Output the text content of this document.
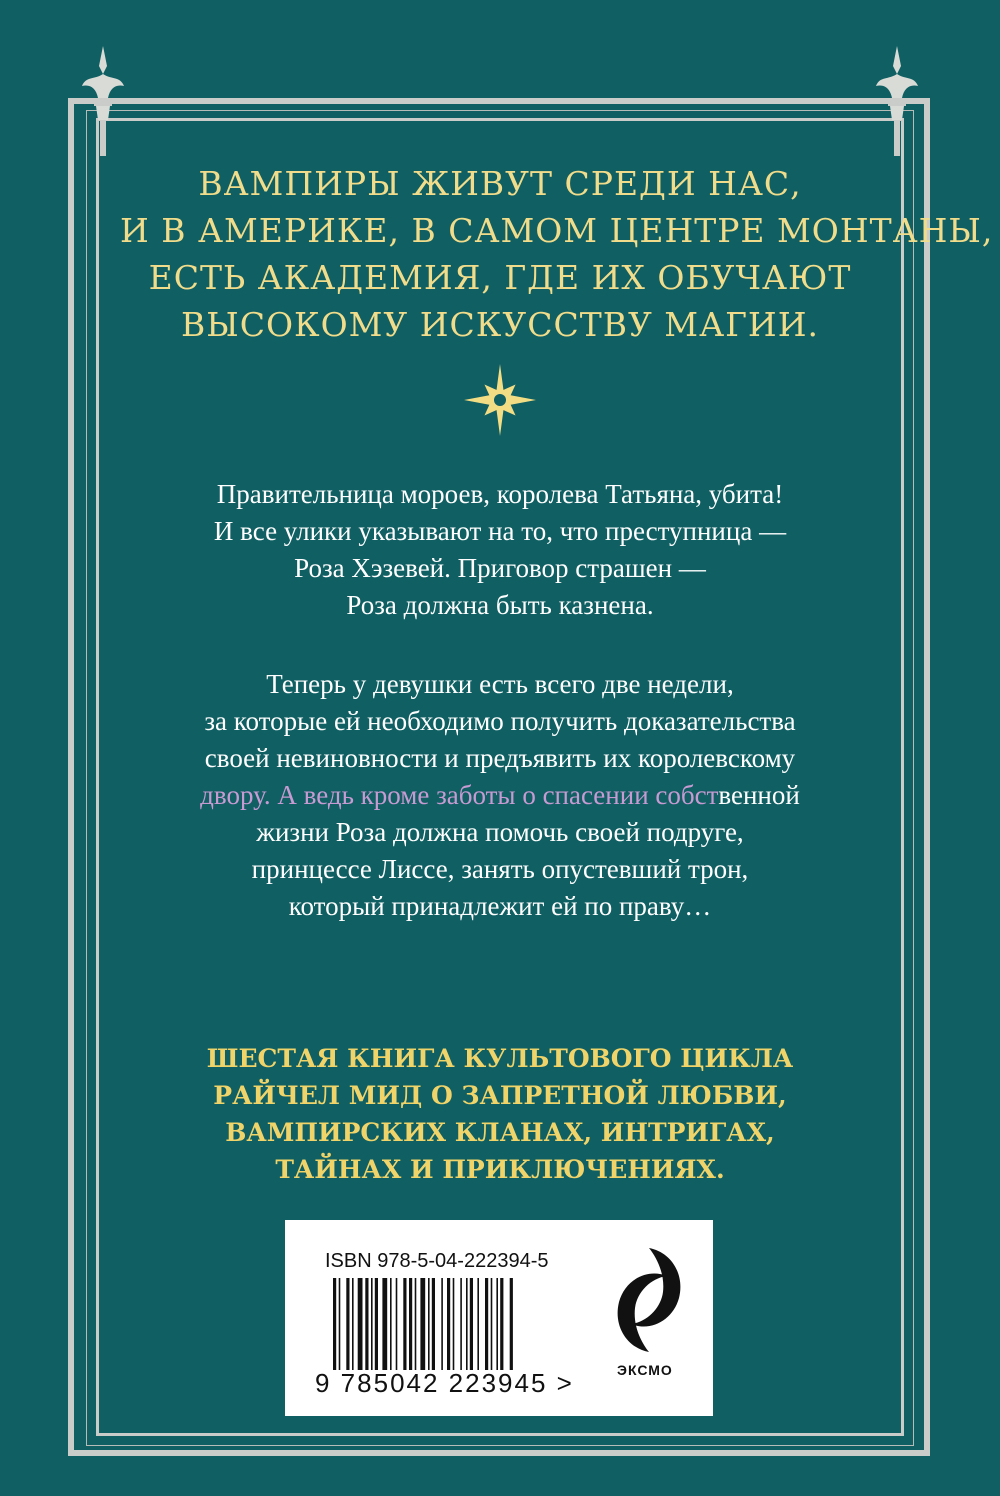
ВАМПИРЫ ЖИВУТ СРЕДИ НАС,
И В АМЕРИКЕ, В САМОМ ЦЕНТРЕ МОНТАНЫ,
ЕСТЬ АКАДЕМИЯ, ГДЕ ИХ ОБУЧАЮТ
ВЫСОКОМУ ИСКУССТВУ МАГИИ.
Правительница мороев, королева Татьяна, убита!
И все улики указывают на то, что преступница —
Роза Хэзевей. Приговор страшен —
Роза должна быть казнена.
Теперь у девушки есть всего две недели,
за которые ей необходимо получить доказательства
своей невиновности и предъявить их королевскому
двору. А ведь кроме заботы о спасении собственной
жизни Роза должна помочь своей подруге,
принцессе Лиссе, занять опустевший трон,
который принадлежит ей по праву…
ШЕСТАЯ КНИГА КУЛЬТОВОГО ЦИКЛА
РАЙЧЕЛ МИД О ЗАПРЕТНОЙ ЛЮБВИ,
ВАМПИРСКИХ КЛАНАХ, ИНТРИГАХ,
ТАЙНАХ И ПРИКЛЮЧЕНИЯХ.
ISBN 978-5-04-222394-5
9 785042 223945 >	ЭКСМО
